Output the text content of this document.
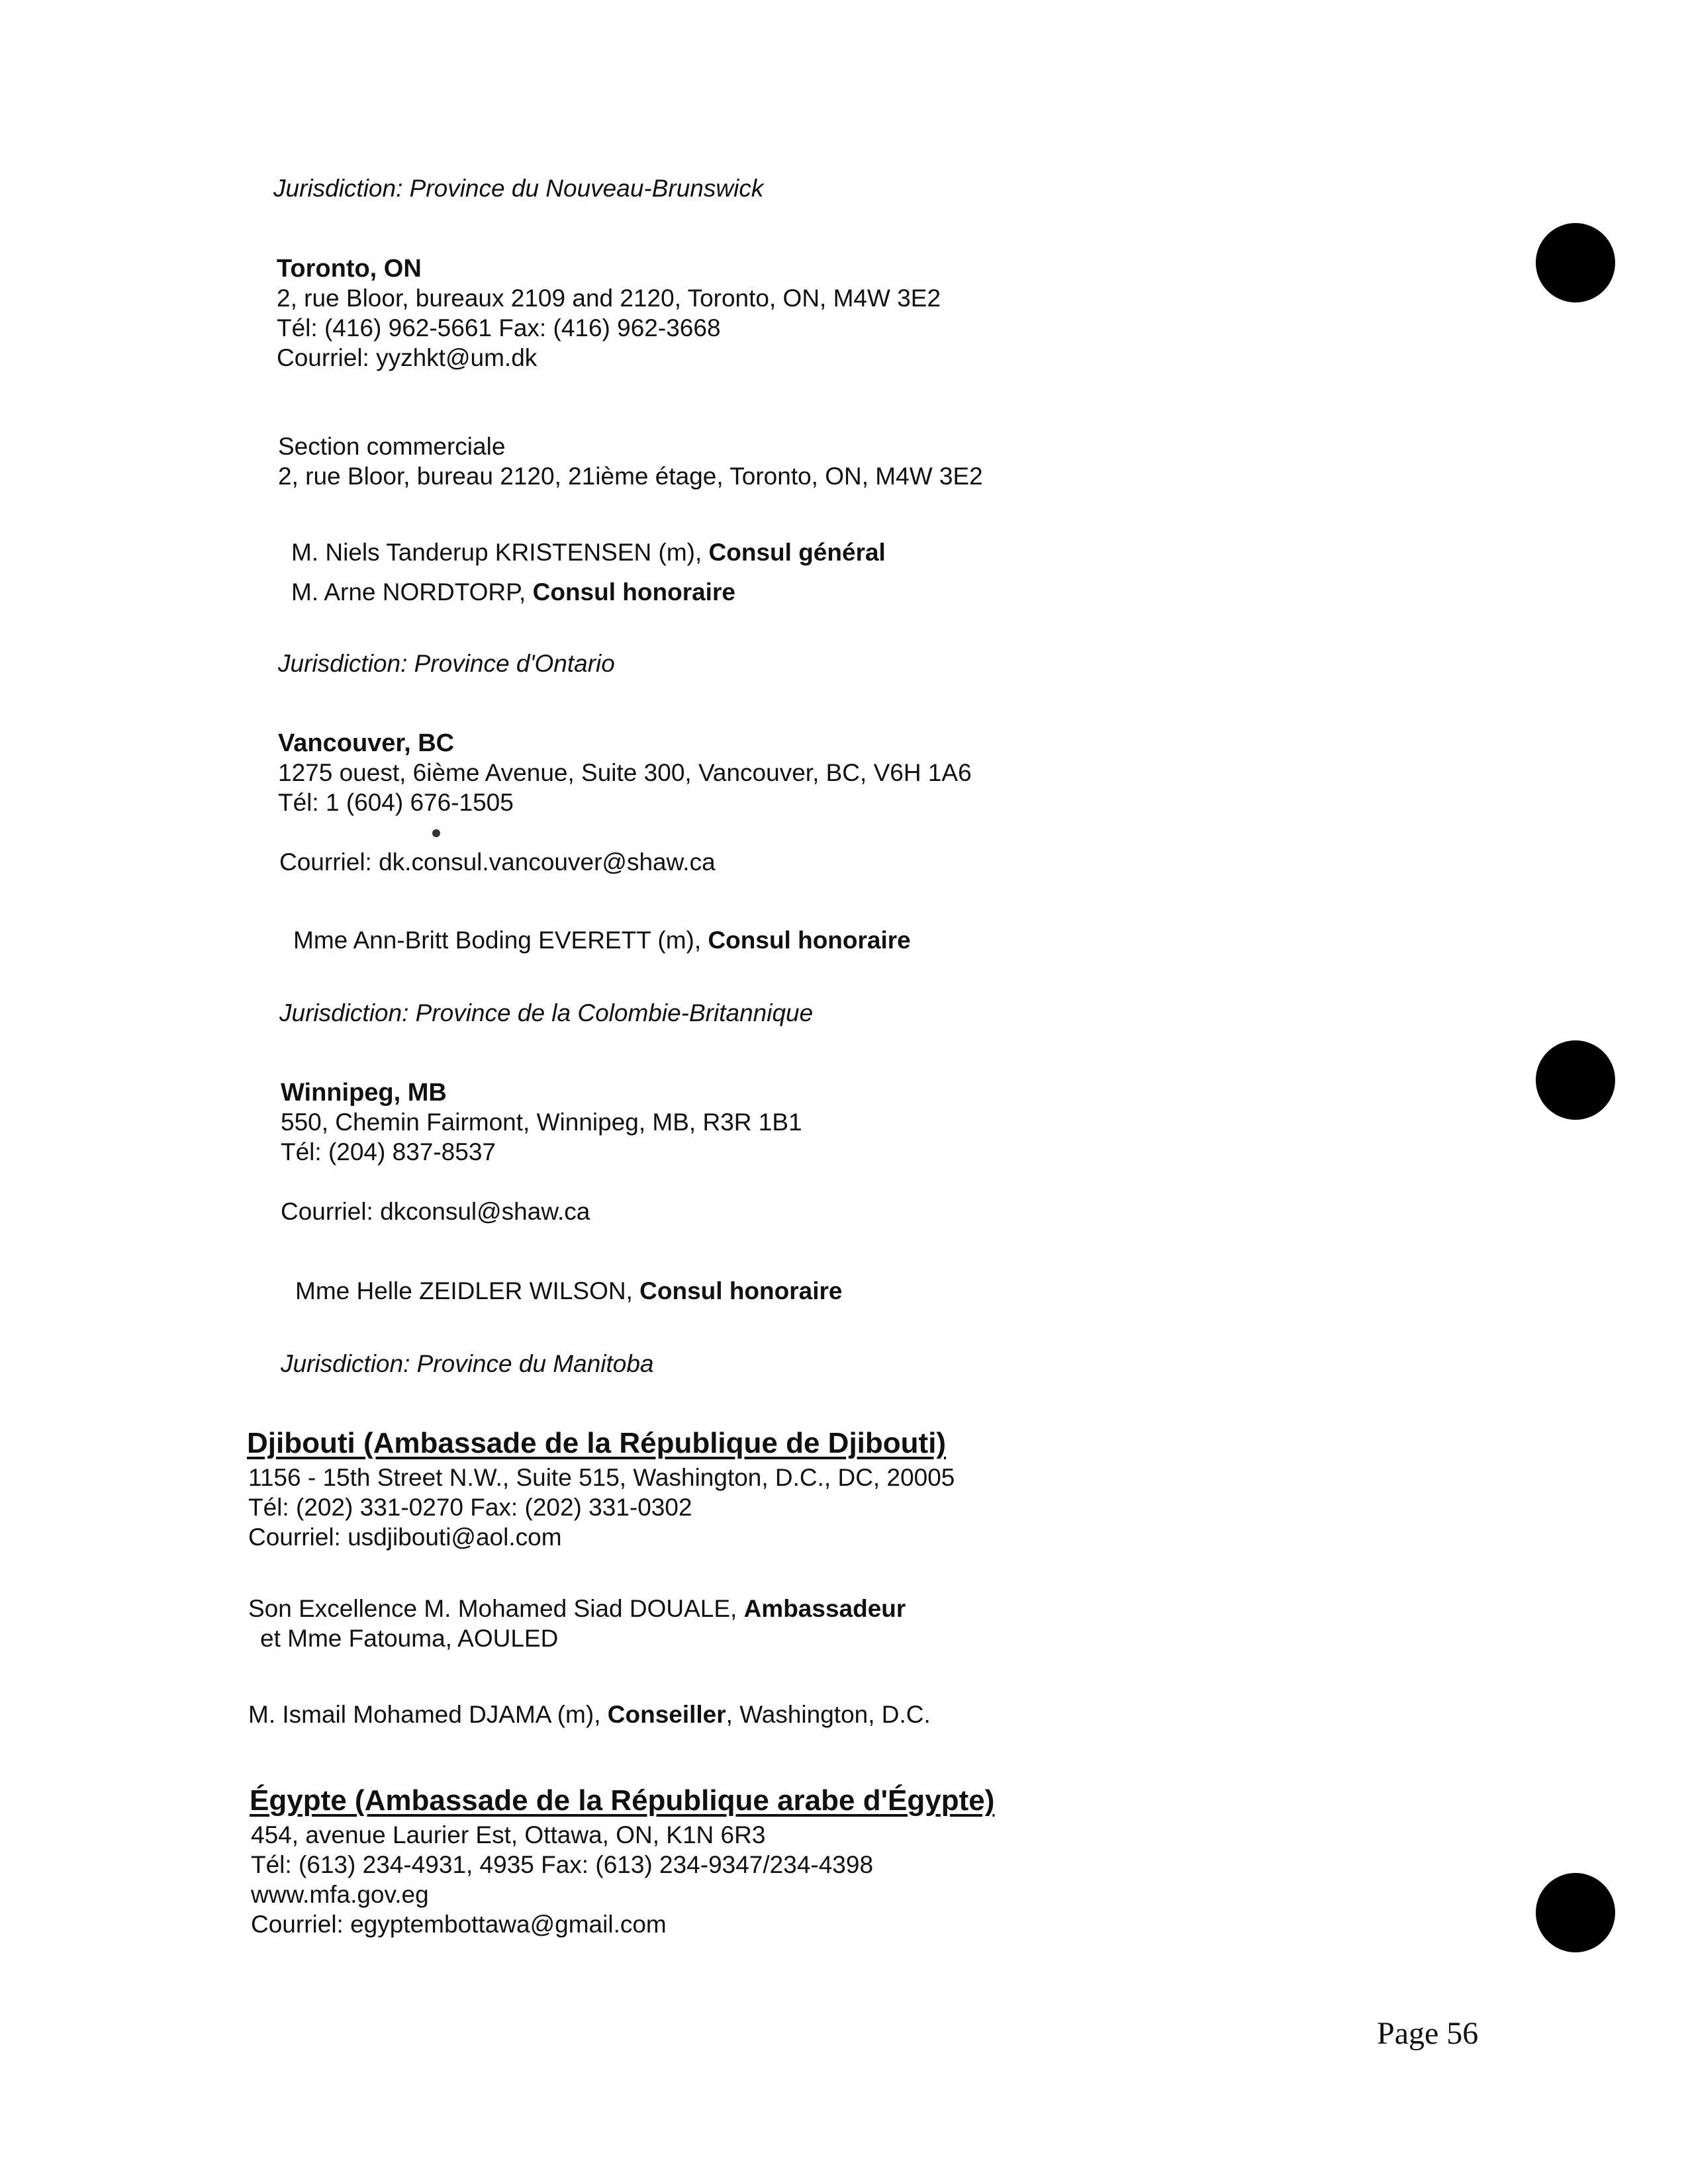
Jurisdiction: Province du Nouveau-Brunswick
Toronto, ON
2, rue Bloor, bureaux 2109 and 2120, Toronto, ON, M4W 3E2
Tél: (416) 962-5661 Fax: (416) 962-3668
Courriel: yyzhkt@um.dk
Section commerciale
2, rue Bloor, bureau 2120, 21ième étage, Toronto, ON, M4W 3E2
M. Niels Tanderup KRISTENSEN (m), Consul général
M. Arne NORDTORP, Consul honoraire
Jurisdiction: Province d'Ontario
Vancouver, BC
1275 ouest, 6ième Avenue, Suite 300, Vancouver, BC, V6H 1A6
Tél: 1 (604) 676-1505
Courriel: dk.consul.vancouver@shaw.ca
Mme Ann-Britt Boding EVERETT (m), Consul honoraire
Jurisdiction: Province de la Colombie-Britannique
Winnipeg, MB
550, Chemin Fairmont, Winnipeg, MB, R3R 1B1
Tél: (204) 837-8537
Courriel: dkconsul@shaw.ca
Mme Helle ZEIDLER WILSON, Consul honoraire
Jurisdiction: Province du Manitoba
Djibouti (Ambassade de la République de Djibouti)
1156 - 15th Street N.W., Suite 515, Washington, D.C., DC, 20005
Tél: (202) 331-0270 Fax: (202) 331-0302
Courriel: usdjibouti@aol.com
Son Excellence M. Mohamed Siad DOUALE, Ambassadeur
et Mme Fatouma, AOULED
M. Ismail Mohamed DJAMA (m), Conseiller, Washington, D.C.
Égypte (Ambassade de la République arabe d'Égypte)
454, avenue Laurier Est, Ottawa, ON, K1N 6R3
Tél: (613) 234-4931, 4935 Fax: (613) 234-9347/234-4398
www.mfa.gov.eg
Courriel: egyptembottawa@gmail.com
Page 56
